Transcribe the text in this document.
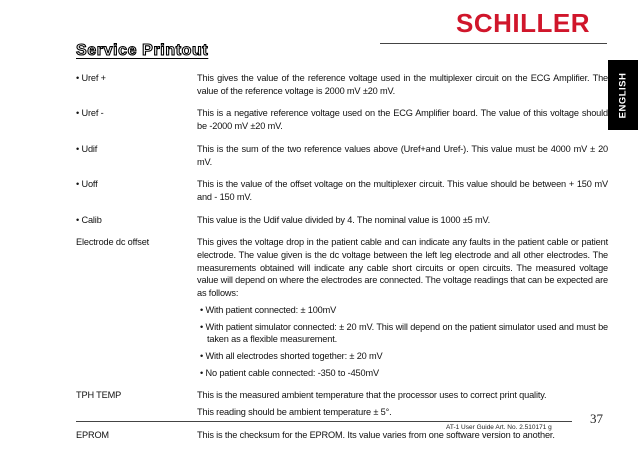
SCHILLER
Service Printout
ENGLISH
• Uref +	This gives the value of the reference voltage used in the multiplexer circuit on the ECG Amplifier. The value of the reference voltage is 2000 mV ±20 mV.

• Uref -	This is a negative reference voltage used on the ECG Amplifier board. The value of this voltage should be -2000 mV ±20 mV.

• Udif	This is the sum of the two reference values above (Uref+and Uref-). This value must be 4000 mV ± 20 mV.

• Uoff	This is the value of the offset voltage on the multiplexer circuit. This value should be between + 150 mV and - 150 mV.

• Calib	This value is the Udif value divided by 4. The nominal value is 1000 ±5 mV.

Electrode dc offset	This gives the voltage drop in the patient cable and can indicate any faults in the patient cable or patient electrode. The value given is the dc voltage between the left leg electrode and all other electrodes. The measurements obtained will indicate any cable short circuits or open circuits. The measured voltage value will depend on where the electrodes are connected. The voltage readings that can be expected are as follows:

• With patient connected: ± 100mV

• With patient simulator connected: ± 20 mV. This will depend on the patient simulator used and must be taken as a flexible measurement.

• With all electrodes shorted together: ± 20 mV

• No patient cable connected: -350 to -450mV

TPH TEMP	This is the measured ambient temperature that the processor uses to correct print quality.

This reading should be ambient temperature ± 5°.

EPROM	This is the checksum for the EPROM. Its value varies from one software version to another.

37
AT-1 User Guide Art. No. 2.510171 g
